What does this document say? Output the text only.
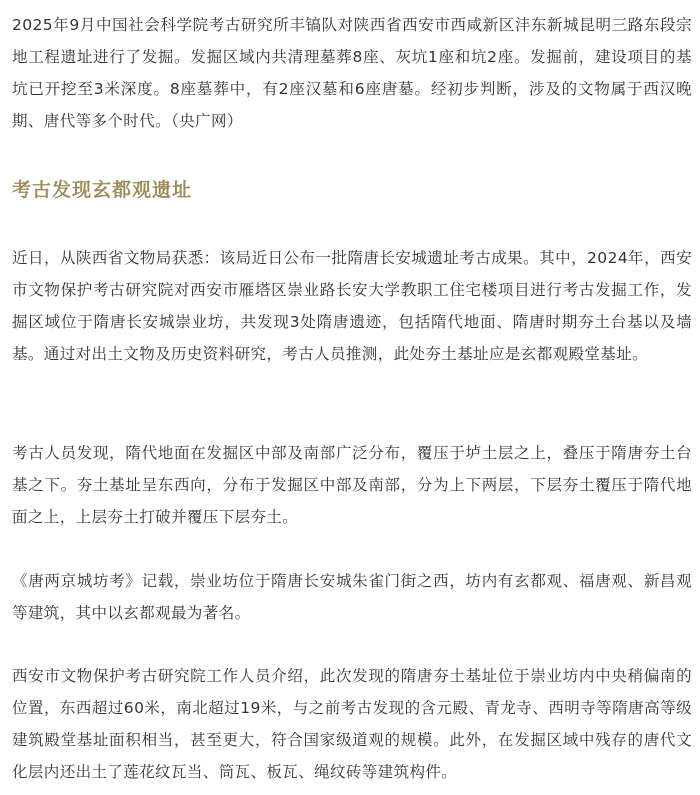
2025年9月中国社会科学院考古研究所丰镐队对陕西省西安市西咸新区沣东新城昆明三路东段宗地工程遗址进行了发掘。发掘区域内共清理墓葬8座、灰坑1座和坑2座。发掘前，建设项目的基坑已开挖至3米深度。8座墓葬中，有2座汉墓和6座唐墓。经初步判断，涉及的文物属于西汉晚期、唐代等多个时代。（央广网）

考古发现玄都观遗址

近日，从陕西省文物局获悉：该局近日公布一批隋唐长安城遗址考古成果。其中，2024年，西安市文物保护考古研究院对西安市雁塔区崇业路长安大学教职工住宅楼项目进行考古发掘工作，发掘区域位于隋唐长安城崇业坊，共发现3处隋唐遗迹，包括隋代地面、隋唐时期夯土台基以及墙基。通过对出土文物及历史资料研究，考古人员推测，此处夯土基址应是玄都观殿堂基址。

考古人员发现，隋代地面在发掘区中部及南部广泛分布，覆压于垆土层之上，叠压于隋唐夯土台基之下。夯土基址呈东西向，分布于发掘区中部及南部，分为上下两层，下层夯土覆压于隋代地面之上，上层夯土打破并覆压下层夯土。

《唐两京城坊考》记载，崇业坊位于隋唐长安城朱雀门街之西，坊内有玄都观、福唐观、新昌观等建筑，其中以玄都观最为著名。

西安市文物保护考古研究院工作人员介绍，此次发现的隋唐夯土基址位于崇业坊内中央稍偏南的位置，东西超过60米，南北超过19米，与之前考古发现的含元殿、青龙寺、西明寺等隋唐高等级建筑殿堂基址面积相当，甚至更大，符合国家级道观的规模。此外，在发掘区域中残存的唐代文化层内还出土了莲花纹瓦当、筒瓦、板瓦、绳纹砖等建筑构件。
